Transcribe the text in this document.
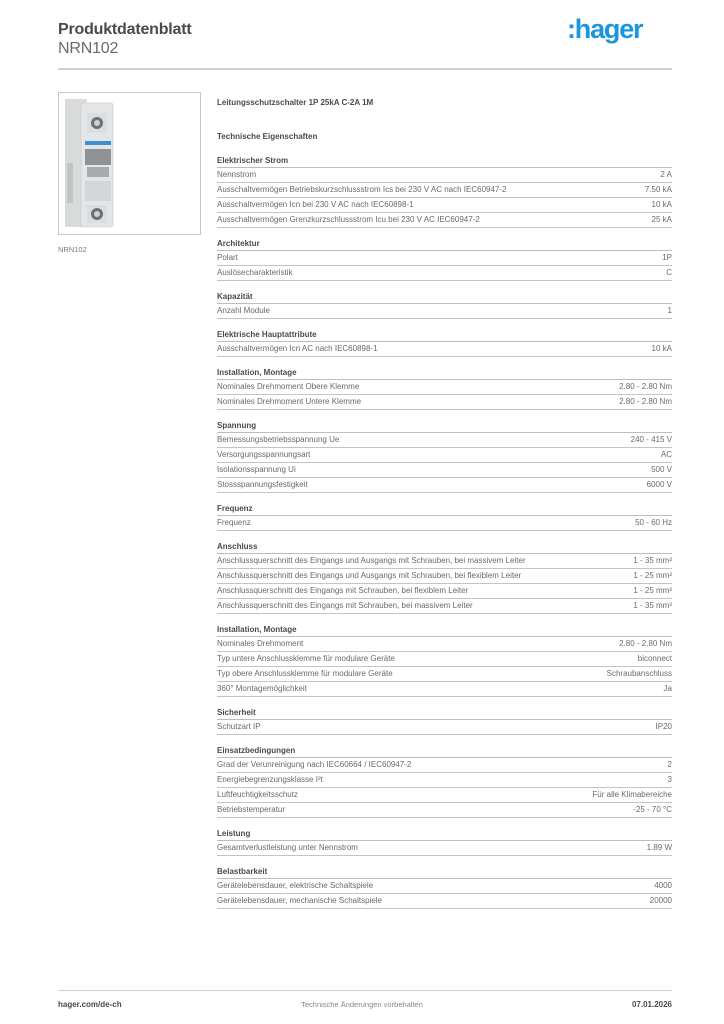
Produktdatenblatt
NRN102
:hager
NRN102
Leitungsschutzschalter 1P 25kA C-2A 1M
Technische Eigenschaften
Elektrischer Strom
Nennstrom	2 A
Ausschaltvermögen Betriebskurzschlussstrom Ics bei 230 V AC nach IEC60947-2	7.50 kA
Ausschaltvermögen Icn bei 230 V AC nach IEC60898-1	10 kA
Ausschaltvermögen Grenzkurzschlussstrom Icu bei 230 V AC IEC60947-2	25 kA
Architektur
Polart	1P
Auslösecharakteristik	C
Kapazität
Anzahl Module	1
Elektrische Hauptattribute
Ausschaltvermögen Icn AC nach IEC60898-1	10 kA
Installation, Montage
Nominales Drehmoment Obere Klemme	2.80 - 2.80 Nm
Nominales Drehmoment Untere Klemme	2.80 - 2.80 Nm
Spannung
Bemessungsbetriebsspannung Ue	240 - 415 V
Versorgungsspannungsart	AC
Isolationsspannung Ui	500 V
Stossspannungsfestigkeit	6000 V
Frequenz
Frequenz	50 - 60 Hz
Anschluss
Anschlussquerschnitt des Eingangs und Ausgangs mit Schrauben, bei massivem Leiter	1 - 35 mm²
Anschlussquerschnitt des Eingangs und Ausgangs mit Schrauben, bei flexiblem Leiter	1 - 25 mm²
Anschlussquerschnitt des Eingangs mit Schrauben, bei flexiblem Leiter	1 - 25 mm²
Anschlussquerschnitt des Eingangs mit Schrauben, bei massivem Leiter	1 - 35 mm²
Installation, Montage
Nominales Drehmoment	2.80 - 2.80 Nm
Typ untere Anschlussklemme für modulare Geräte	biconnect
Typ obere Anschlussklemme für modulare Geräte	Schraubanschluss
360° Montagemöglichkeit	Ja
Sicherheit
Schutzart IP	IP20
Einsatzbedingungen
Grad der Verunreinigung nach IEC60664 / IEC60947-2	2
Energiebegrenzungsklasse I²t	3
Luftfeuchtigkeitsschutz	Für alle Klimabereiche
Betriebstemperatur	-25 - 70 °C
Leistung
Gesamtverlustleistung unter Nennstrom	1.89 W
Belastbarkeit
Gerätelebensdauer, elektrische Schaltspiele	4000
Gerätelebensdauer, mechanische Schaltspiele	20000
hager.com/de-ch	Technische Änderungen vorbehalten	07.01.2026
